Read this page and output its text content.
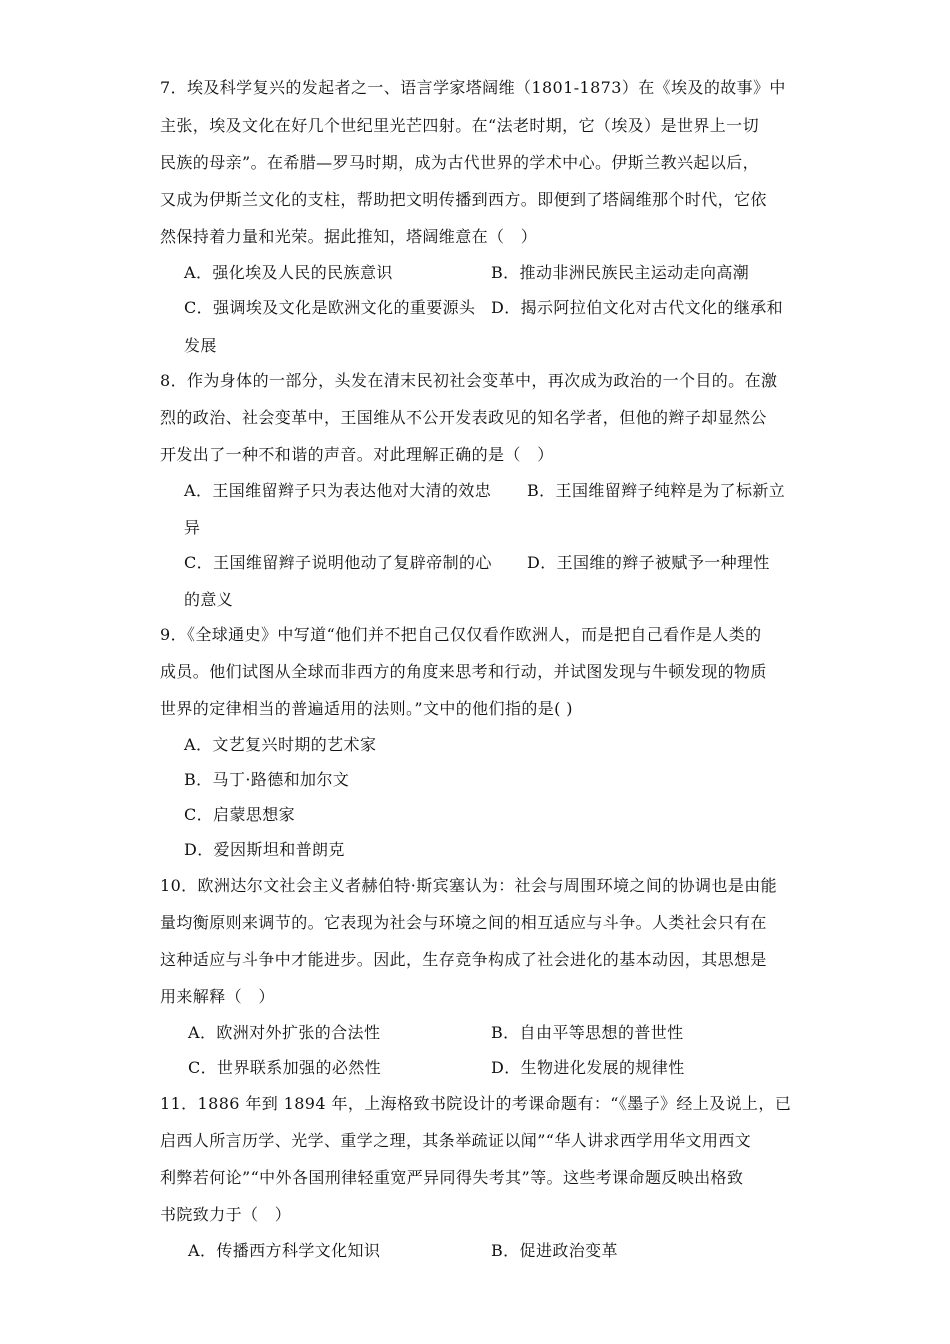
7．埃及科学复兴的发起者之一、语言学家塔阔维（1801-1873）在《埃及的故事》中
主张，埃及文化在好几个世纪里光芒四射。在“法老时期，它（埃及）是世界上一切
民族的母亲”。在希腊—罗马时期，成为古代世界的学术中心。伊斯兰教兴起以后，
又成为伊斯兰文化的支柱，帮助把文明传播到西方。即便到了塔阔维那个时代，它依
然保持着力量和光荣。据此推知，塔阔维意在（　）
A．强化埃及人民的民族意识	B．推动非洲民族民主运动走向高潮
C．强调埃及文化是欧洲文化的重要源头 D．揭示阿拉伯文化对古代文化的继承和
发展
8．作为身体的一部分，头发在清末民初社会变革中，再次成为政治的一个目的。在激
烈的政治、社会变革中，王国维从不公开发表政见的知名学者，但他的辫子却显然公
开发出了一种不和谐的声音。对此理解正确的是（　）
A．王国维留辫子只为表达他对大清的效忠 B．王国维留辫子纯粹是为了标新立
异
C．王国维留辫子说明他动了复辟帝制的心 D．王国维的辫子被赋予一种理性
的意义
9．《全球通史》中写道“他们并不把自己仅仅看作欧洲人，而是把自己看作是人类的
成员。他们试图从全球而非西方的角度来思考和行动，并试图发现与牛顿发现的物质
世界的定律相当的普遍适用的法则。”文中的他们指的是( )
A．文艺复兴时期的艺术家
B．马丁·路德和加尔文
C．启蒙思想家
D．爱因斯坦和普朗克
10．欧洲达尔文社会主义者赫伯特·斯宾塞认为：社会与周围环境之间的协调也是由能
量均衡原则来调节的。它表现为社会与环境之间的相互适应与斗争。人类社会只有在
这种适应与斗争中才能进步。因此，生存竞争构成了社会进化的基本动因，其思想是
用来解释（　）
A．欧洲对外扩张的合法性	B．自由平等思想的普世性
C．世界联系加强的必然性	D．生物进化发展的规律性
11．1886 年到 1894 年，上海格致书院设计的考课命题有：“《墨子》经上及说上，已
启西人所言历学、光学、重学之理，其条举疏证以闻”“华人讲求西学用华文用西文
利弊若何论”“中外各国刑律轻重宽严异同得失考其”等。这些考课命题反映出格致
书院致力于（　）
A．传播西方科学文化知识	B．促进政治变革
